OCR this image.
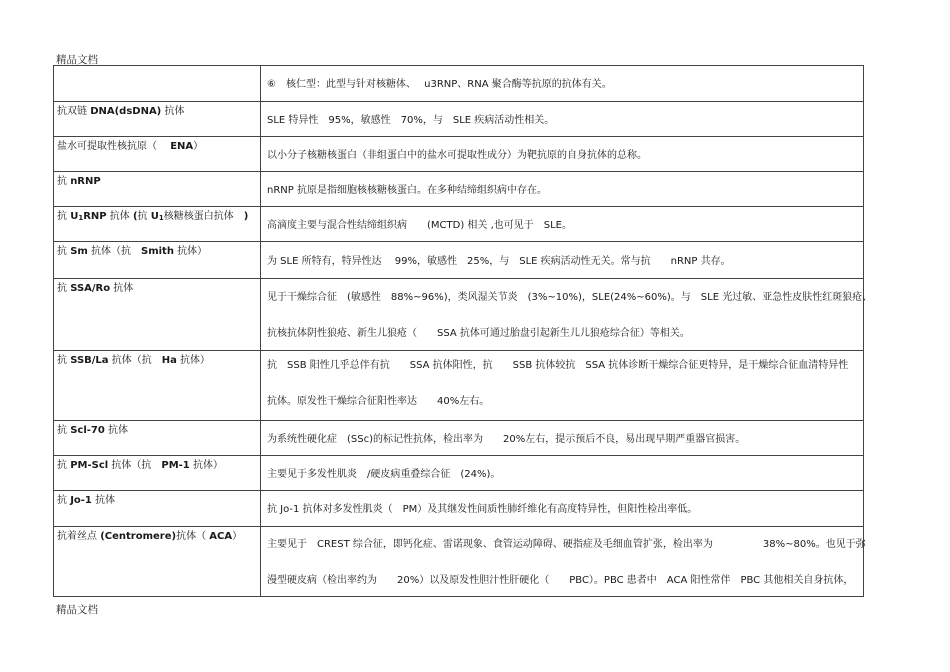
精品文档

	⑥　核仁型：此型与针对核糖体、　 u3RNP、RNA 聚合酶等抗原的抗体有关。

抗双链 DNA(dsDNA) 抗体	SLE 特异性　95%，敏感性　70%，与　SLE 疾病活动性相关。

盐水可提取性核抗原（　 ENA）	以小分子核糖核蛋白（非组蛋白中的盐水可提取性成分）为靶抗原的自身抗体的总称。

抗 nRNP	nRNP 抗原是指细胞核核糖核蛋白。在多种结缔组织病中存在。

抗 $U_1RNP$ 抗体 (抗 $U_1$核糖核蛋白抗体　)	高滴度主要与混合性结缔组织病　　(MCTD) 相关 ,也可见于　SLE。

抗 Sm 抗体（抗　Smith 抗体）	为 SLE 所特有，特异性达　 99%，敏感性　25%，与　SLE 疾病活动性无关。常与抗　　nRNP 共存。

抗 SSA/Ro 抗体	见于干燥综合征　(敏感性　88%~96%)，类风湿关节炎　(3%~10%)，SLE(24%~60%)。与　SLE 光过敏、亚急性皮肤性红斑狼疮、
抗核抗体阴性狼疮、新生儿狼疮（　　SSA 抗体可通过胎盘引起新生儿儿狼疮综合征）等相关。

抗 SSB/La 抗体（抗　Ha 抗体）	抗　SSB 阳性几乎总伴有抗　　SSA 抗体阳性，抗　　SSB 抗体较抗　SSA 抗体诊断干燥综合征更特异，是干燥综合征血清特异性
抗体。原发性干燥综合征阳性率达　　40%左右。

抗 Scl-70 抗体	为系统性硬化症　(SSc)的标记性抗体，检出率为　　20%左右，提示预后不良，易出现早期严重器官损害。

抗 PM-Scl 抗体（抗　PM-1 抗体）	主要见于多发性肌炎　/硬皮病重叠综合征　(24%)。

抗 Jo-1 抗体	抗 Jo-1 抗体对多发性肌炎（　PM）及其继发性间质性肺纤维化有高度特异性，但阳性检出率低。

抗着丝点 (Centromere)抗体（ ACA）	主要见于　CREST 综合征，即钙化症、雷诺现象、食管运动障碍、硬指症及毛细血管扩张，检出率为　　　　　38%~80%。也见于弥
漫型硬皮病（检出率约为　　20%）以及原发性胆汁性肝硬化（　　PBC）。PBC 患者中　ACA 阳性常伴　PBC 其他相关自身抗体，
精品文档
